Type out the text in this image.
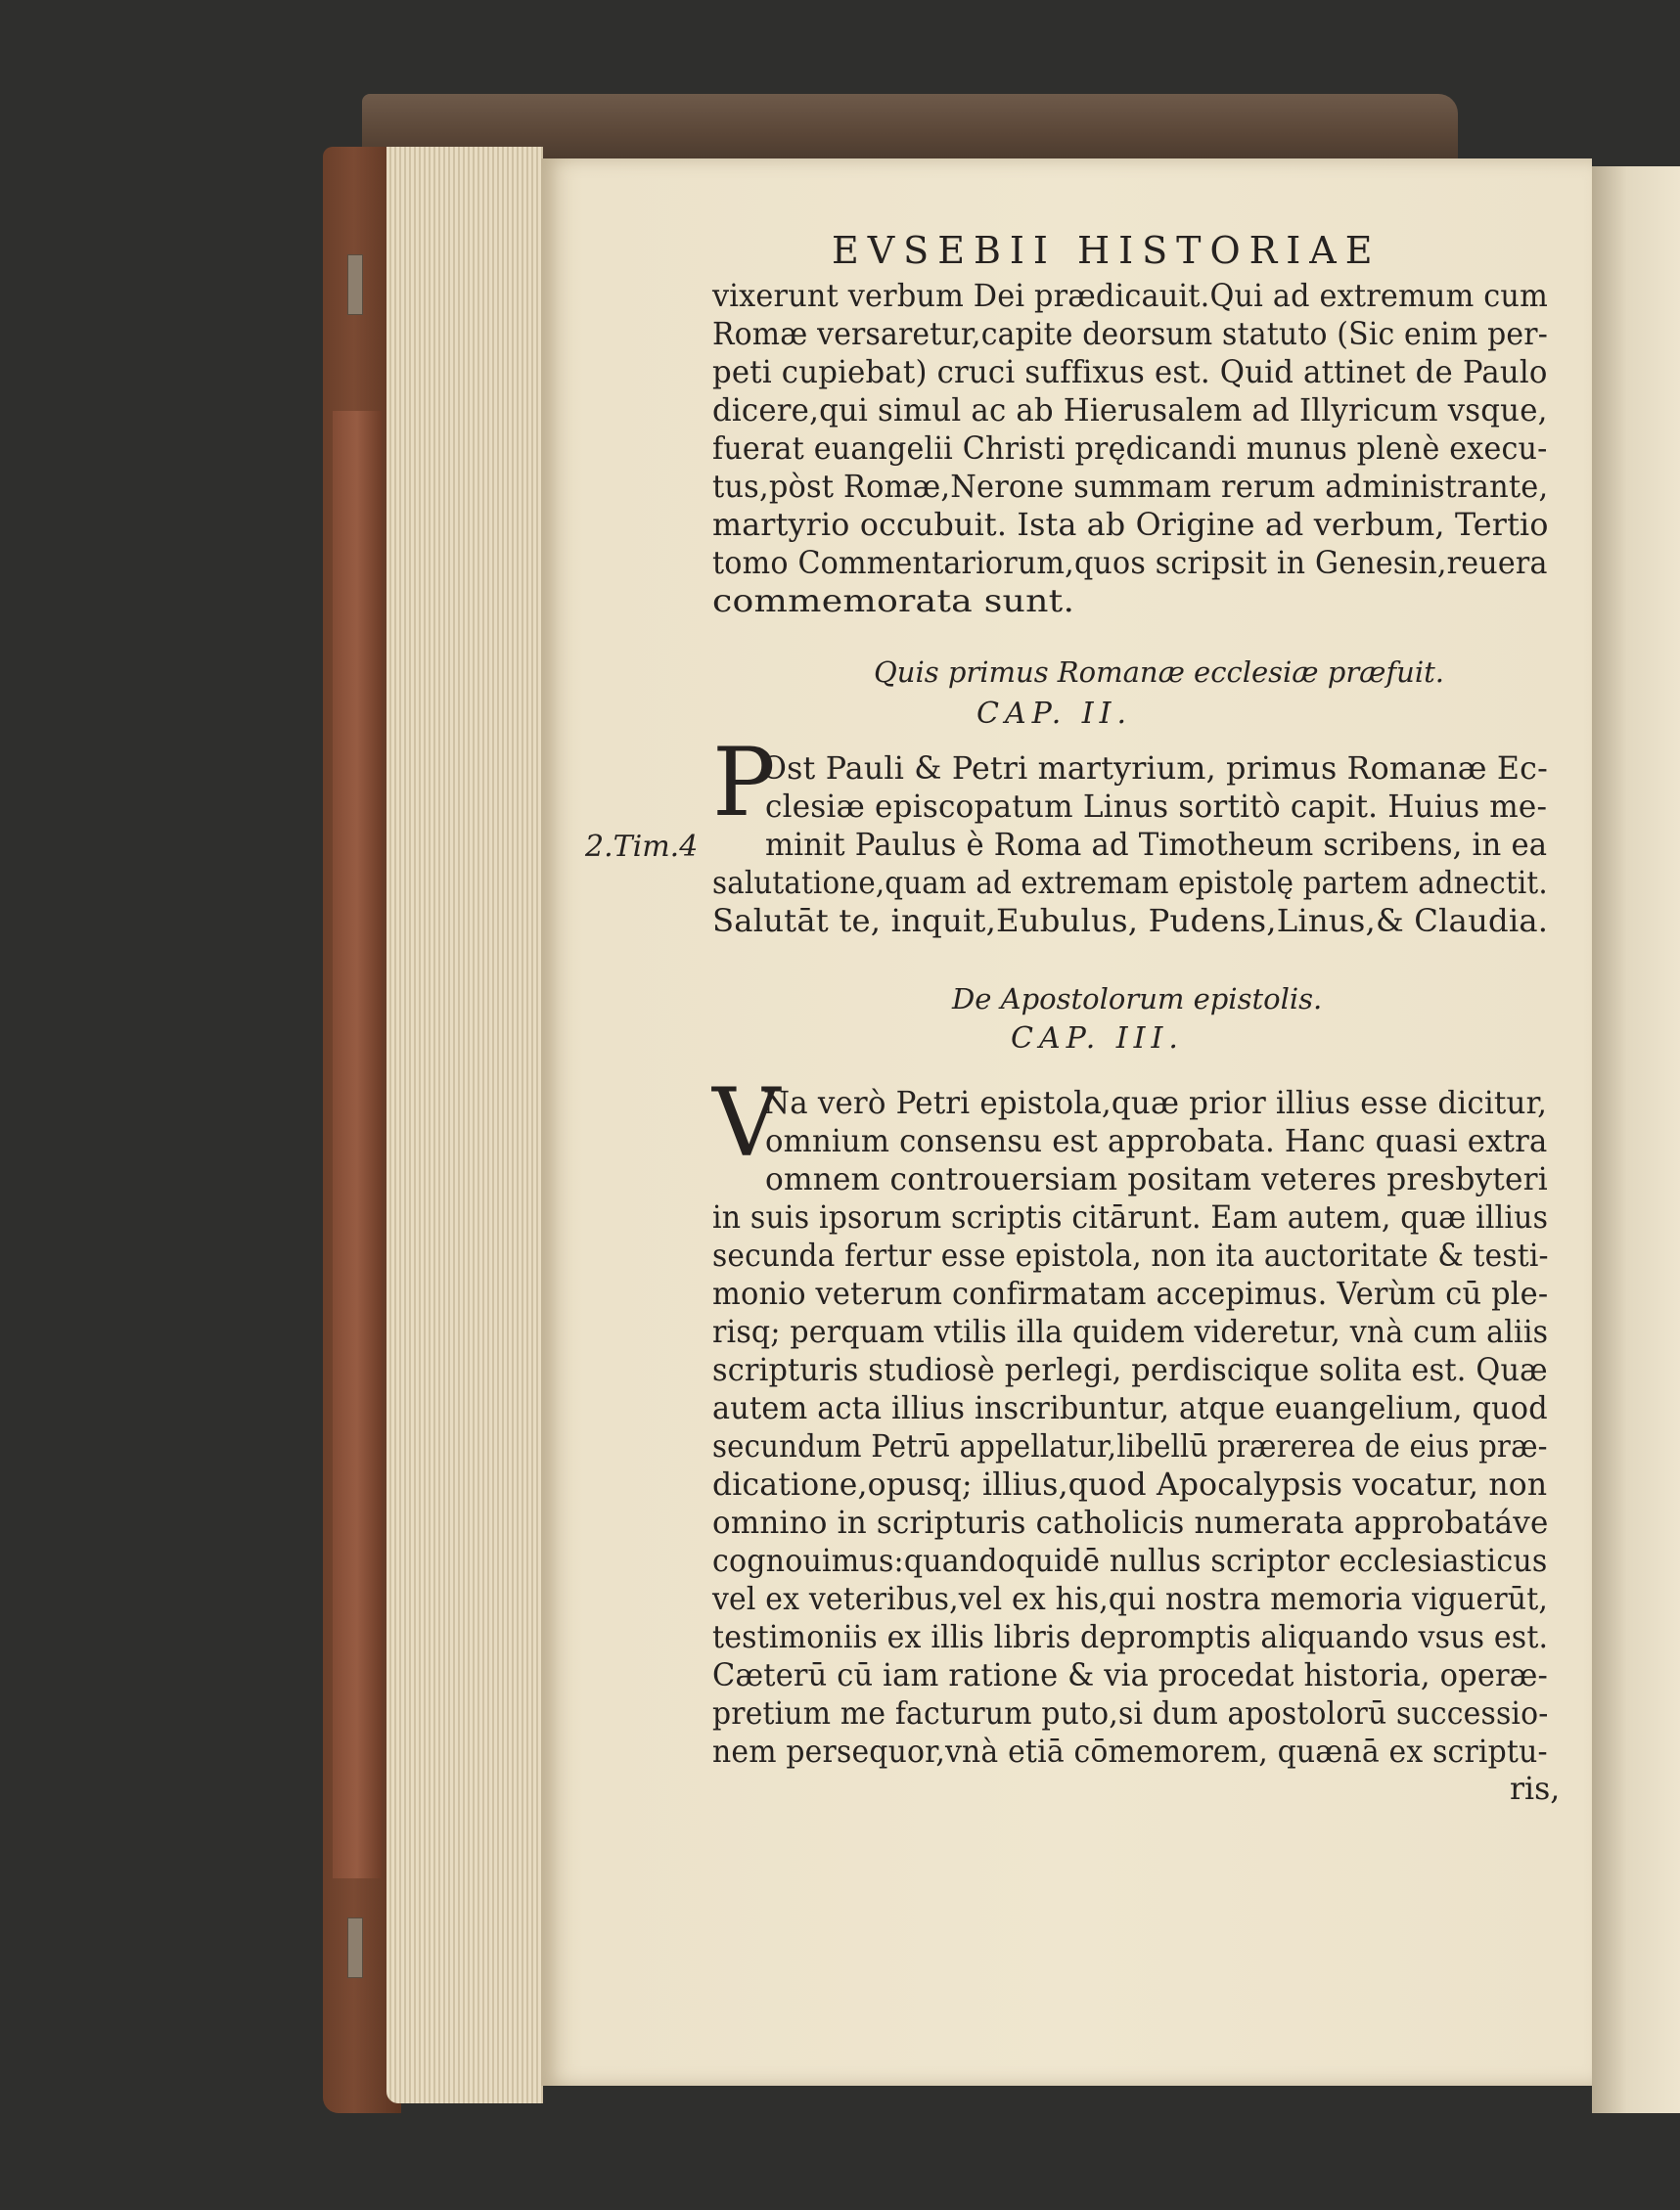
EVSEBII HISTORIAE
vixerunt verbum Dei prædicauit.Qui ad extremum cum
Romæ versaretur,capite deorsum statuto (Sic enim per-
peti cupiebat) cruci suffixus est. Quid attinet de Paulo
dicere,qui simul ac ab Hierusalem ad Illyricum vsque,
fuerat euangelii Christi prędicandi munus plenè execu-
tus,pòst Romæ,Nerone summam rerum administrante,
martyrio occubuit. Ista ab Origine ad verbum, Tertio
tomo Commentariorum,quos scripsit in Genesin,reuera
commemorata sunt.
Quis primus Romanæ ecclesiæ præfuit.
CAP. II.
P
2.Tim.4
Ost Pauli & Petri martyrium, primus Romanæ Ec-
clesiæ episcopatum Linus sortitò capit. Huius me-
minit Paulus è Roma ad Timotheum scribens, in ea
salutatione,quam ad extremam epistolę partem adnectit.
Salutāt te, inquit,Eubulus, Pudens,Linus,& Claudia.
De Apostolorum epistolis.
CAP. III.
V
Na verò Petri epistola,quæ prior illius esse dicitur,
omnium consensu est approbata. Hanc quasi extra
omnem controuersiam positam veteres presbyteri
in suis ipsorum scriptis citārunt. Eam autem, quæ illius
secunda fertur esse epistola, non ita auctoritate & testi-
monio veterum confirmatam accepimus. Verùm cū ple-
risq; perquam vtilis illa quidem videretur, vnà cum aliis
scripturis studiosè perlegi, perdiscique solita est. Quæ
autem acta illius inscribuntur, atque euangelium, quod
secundum Petrū appellatur,libellū prærerea de eius præ-
dicatione,opusq; illius,quod Apocalypsis vocatur, non
omnino in scripturis catholicis numerata approbatáve
cognouimus:quandoquidē nullus scriptor ecclesiasticus
vel ex veteribus,vel ex his,qui nostra memoria viguerūt,
testimoniis ex illis libris depromptis aliquando vsus est.
Cæterū cū iam ratione & via procedat historia, operæ-
pretium me facturum puto,si dum apostolorū successio-
nem persequor,vnà etiā cōmemorem, quænā ex scriptu-
ris,
